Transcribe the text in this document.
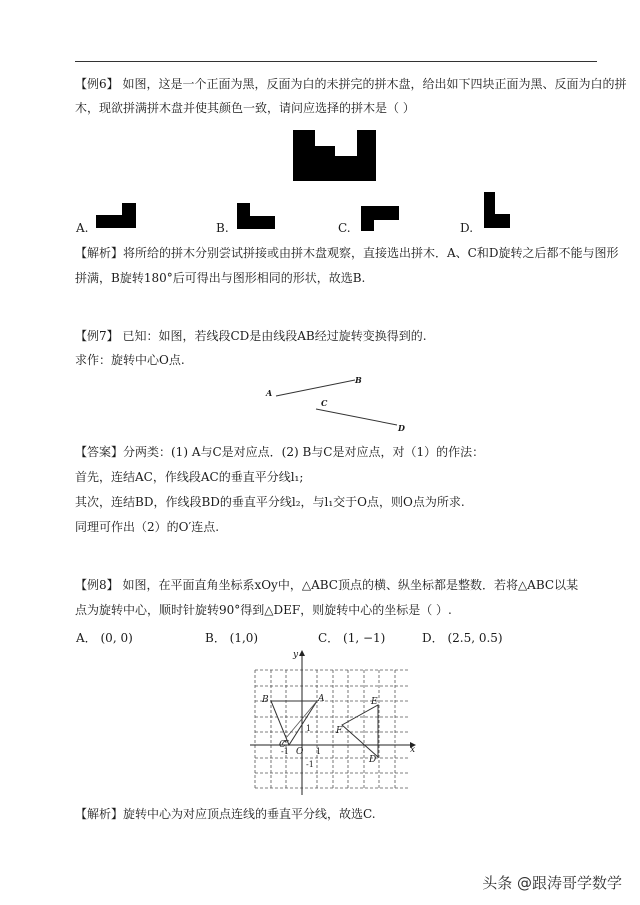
【例6】 如图，这是一个正面为黑，反面为白的未拼完的拼木盘，给出如下四块正面为黑、反面为白的拼
木，现欲拼满拼木盘并使其颜色一致，请问应选择的拼木是（ ）
A.	B.	C.	D.
【解析】将所给的拼木分别尝试拼接或由拼木盘观察，直接选出拼木．A、C和D旋转之后都不能与图形
拼满，B旋转180°后可得出与图形相同的形状，故选B.
【例7】 已知：如图，若线段CD是由线段AB经过旋转变换得到的.
求作：旋转中心O点.
A
B
C
D
【答案】分两类：(1) A与C是对应点．(2) B与C是对应点，对（1）的作法：
首先，连结AC，作线段AC的垂直平分线l₁;
其次，连结BD，作线段BD的垂直平分线l₂，与l₁交于O点，则O点为所求.
同理可作出（2）的O′连点.
【例8】 如图，在平面直角坐标系xOy中，△ABC顶点的横、纵坐标都是整数．若将△ABC以某
点为旋转中心，顺时针旋转90°得到△DEF，则旋转中心的坐标是（ ）.
A． (0, 0)	B． (1,0)	C． (1, −1)	D． (2.5, 0.5)
y
x
O
B	A
C
D
E
F
-1	1
1
-1
【解析】旋转中心为对应顶点连线的垂直平分线，故选C.
头条 @跟涛哥学数学
